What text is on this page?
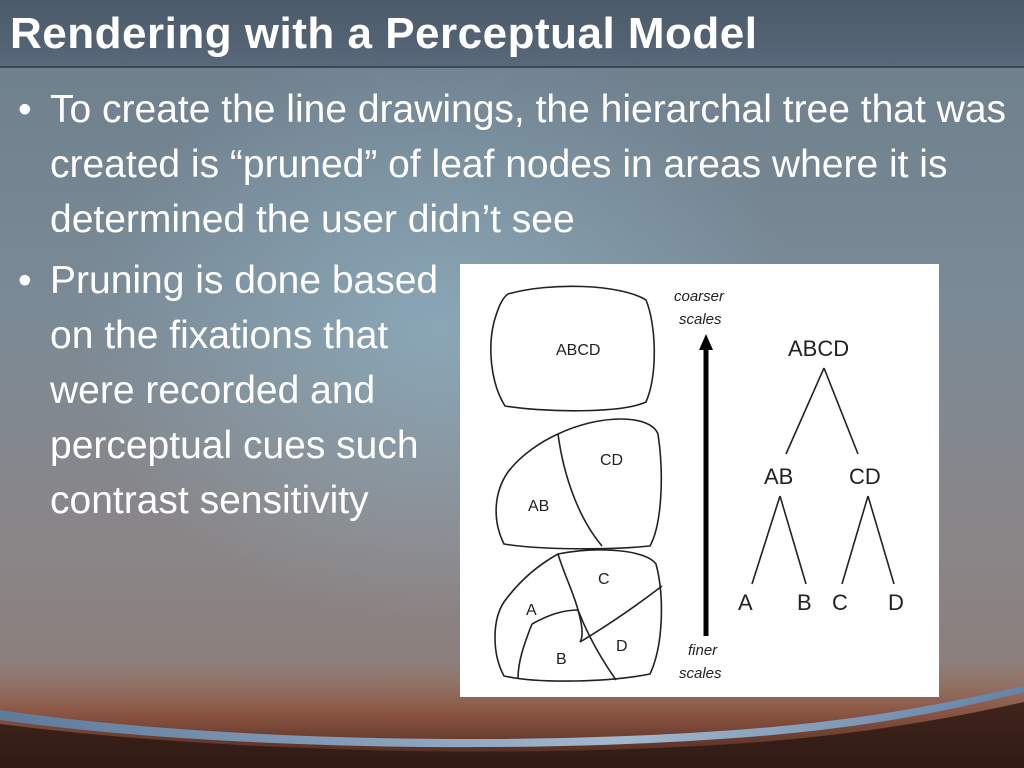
Rendering with a Perceptual Model
• To create the line drawings, the hierarchal tree that was created is “pruned” of leaf nodes in areas where it is determined the user didn’t see
• Pruning is done based on the fixations that were recorded and perceptual cues such contrast sensitivity
ABCD
CD
AB
C
A
B
D
coarser
scales
finer
scales
ABCD
AB	CD
A B C D
